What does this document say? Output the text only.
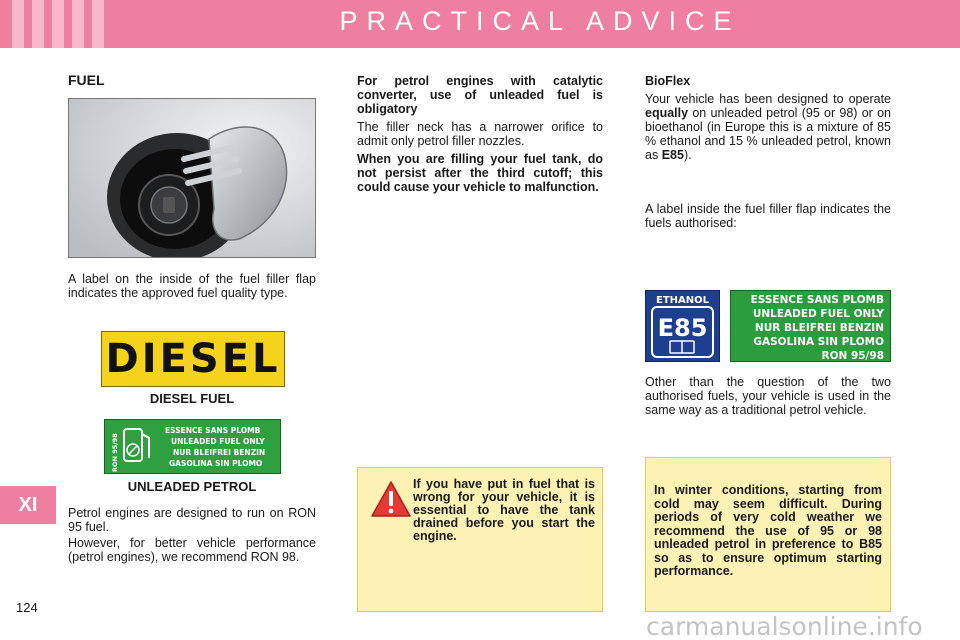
PRACTICAL ADVICE
XI
124
FUEL
A label on the inside of the fuel filler flap indicates the approved fuel quality type.
DIESEL
DIESEL FUEL
RON 95/98
ESSENCE SANS PLOMB
UNLEADED FUEL ONLY
NUR BLEIFREI BENZIN
GASOLINA SIN PLOMO
UNLEADED PETROL
Petrol engines are designed to run on RON 95 fuel.
However, for better vehicle performance (petrol engines), we recommend RON 98.

For petrol engines with catalytic converter, use of unleaded fuel is obligatory

The filler neck has a narrower orifice to admit only petrol filler nozzles.

When you are filling your fuel tank, do not persist after the third cutoff; this could cause your vehicle to malfunction.

If you have put in fuel that is wrong for your vehicle, it is essential to have the tank drained before you start the engine.

BioFlex

Your vehicle has been designed to operate equally on unleaded petrol (95 or 98) or on bioethanol (in Europe this is a mixture of 85 % ethanol and 15 % unleaded petrol, known as E85).

A label inside the fuel filler flap indicates the fuels authorised:
ETHANOL
E85
ESSENCE SANS PLOMB
UNLEADED FUEL ONLY
NUR BLEIFREI BENZIN
GASOLINA SIN PLOMO
RON 95/98
Other than the question of the two authorised fuels, your vehicle is used in the same way as a traditional petrol vehicle.
In winter conditions, starting from cold may seem difficult. During periods of very cold weather we recommend the use of 95 or 98 unleaded petrol in preference to B85 so as to ensure optimum starting performance.
carmanualsonline.info
